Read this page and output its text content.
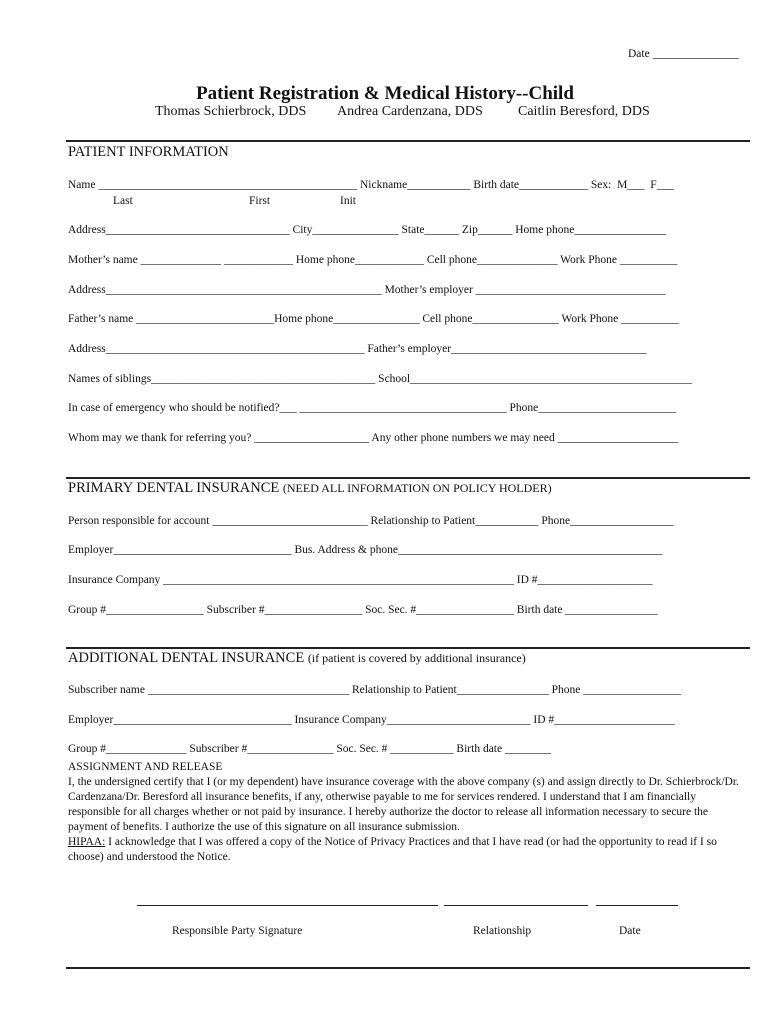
Date _______________
Patient Registration & Medical History--Child
Thomas Schierbrock, DDS Andrea Cardenzana, DDS	Caitlin Beresford, DDS
PATIENT INFORMATION
Name _____________________________________________ Nickname___________ Birth date____________ Sex:  M___  F___
Last	First	Init
Address________________________________ City_______________ State______ Zip______ Home phone________________
Mother’s name ______________ ____________ Home phone____________ Cell phone______________ Work Phone __________
Address________________________________________________ Mother’s employer _________________________________
Father’s name ________________________Home phone_______________ Cell phone_______________ Work Phone __________
Address_____________________________________________ Father’s employer__________________________________
Names of siblings_______________________________________ School_________________________________________________
In case of emergency who should be notified?___ ____________________________________ Phone________________________
Whom may we thank for referring you? ____________________ Any other phone numbers we may need _____________________
PRIMARY DENTAL INSURANCE (NEED ALL INFORMATION ON POLICY HOLDER)
Person responsible for account ___________________________ Relationship to Patient___________ Phone__________________
Employer_______________________________ Bus. Address & phone______________________________________________
Insurance Company _____________________________________________________________ ID #____________________
Group #_________________ Subscriber #_________________ Soc. Sec. #_________________ Birth date ________________
ADDITIONAL DENTAL INSURANCE (if patient is covered by additional insurance)
Subscriber name ___________________________________ Relationship to Patient________________ Phone _________________
Employer_______________________________ Insurance Company_________________________ ID #_____________________
Group #______________ Subscriber #_______________ Soc. Sec. # ___________ Birth date ________
ASSIGNMENT AND RELEASE
I, the undersigned certify that I (or my dependent) have insurance coverage with the above company (s) and assign directly to Dr. Schierbrock/Dr. Cardenzana/Dr. Beresford all insurance benefits, if any, otherwise payable to me for services rendered. I understand that I am financially responsible for all charges whether or not paid by insurance. I hereby authorize the doctor to release all information necessary to secure the payment of benefits. I authorize the use of this signature on all insurance submission.
HIPAA: I acknowledge that I was offered a copy of the Notice of Privacy Practices and that I have read (or had the opportunity to read if I so choose) and understood the Notice.
Responsible Party Signature	Relationship	Date
